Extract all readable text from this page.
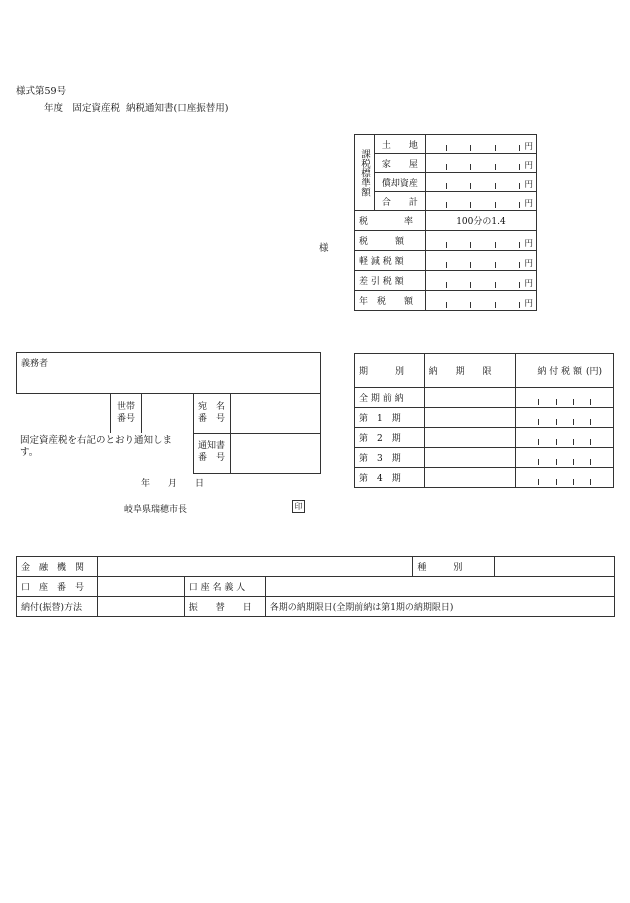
様式第59号
年度　固定資産税  納税通知書(口座振替用)
様
課税標準額	土　　地	円

	家　　屋	円

	償却資産	円

	合　　計	円

税　　　　率		100分の1.4
税　　　額		円

軽 減 税 額		円

差 引 税 額		円

年　税　　額		円
義務者
世帯
番号
宛　名
番　号
通知書
番　号
固定資産税を右記のとおり通知しま
す。
年　　月　　日
岐阜県瑞穂市長	印
期　　　別	納　　期　　限	納 付 税 額 (円)

全 期 前 納		

第　1　期		

第　2　期		

第　3　期		

第　4　期		
金　融　機　関				種　　　別	
口　座　番　号		口 座 名 義 人			
納付(振替)方法		振　　替　　日	各期の納期限日(全期前納は第1期の納期限日)		
